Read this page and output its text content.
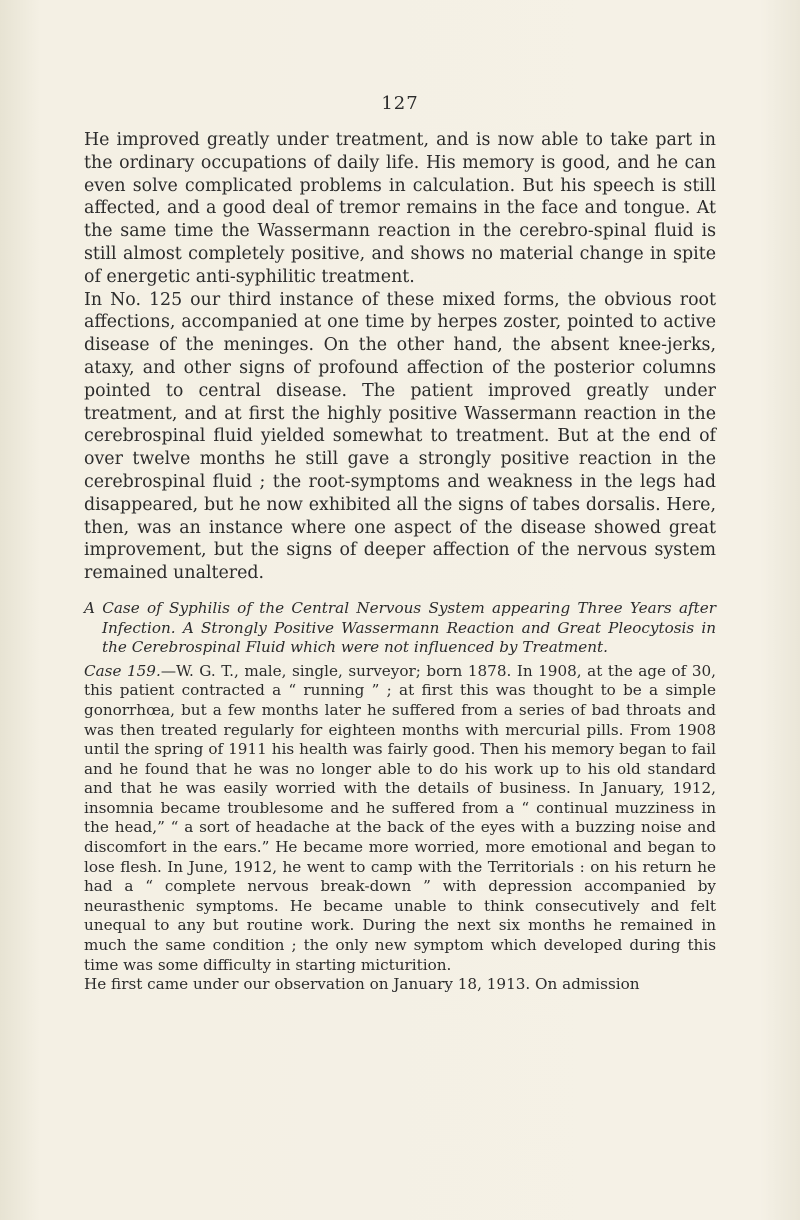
127

He improved greatly under treatment, and is now able to take part in the ordinary occupations of daily life. His memory is good, and he can even solve complicated problems in calculation. But his speech is still affected, and a good deal of tremor remains in the face and tongue. At the same time the Wassermann reaction in the cerebro-spinal fluid is still almost completely positive, and shows no material change in spite of energetic anti-syphilitic treatment.

In No. 125 our third instance of these mixed forms, the obvious root affections, accompanied at one time by herpes zoster, pointed to active disease of the meninges. On the other hand, the absent knee-jerks, ataxy, and other signs of profound affection of the posterior columns pointed to central disease. The patient improved greatly under treatment, and at first the highly positive Wassermann reaction in the cerebrospinal fluid yielded somewhat to treatment. But at the end of over twelve months he still gave a strongly positive reaction in the cerebrospinal fluid ; the root-symptoms and weakness in the legs had disappeared, but he now exhibited all the signs of tabes dorsalis. Here, then, was an instance where one aspect of the disease showed great improvement, but the signs of deeper affection of the nervous system remained unaltered.

A Case of Syphilis of the Central Nervous System appearing Three Years after Infection. A Strongly Positive Wassermann Reaction and Great Pleocytosis in the Cerebrospinal Fluid which were not influenced by Treatment.

Case 159.—W. G. T., male, single, surveyor; born 1878. In 1908, at the age of 30, this patient contracted a “ running ” ; at first this was thought to be a simple gonorrhœa, but a few months later he suffered from a series of bad throats and was then treated regularly for eighteen months with mercurial pills. From 1908 until the spring of 1911 his health was fairly good. Then his memory began to fail and he found that he was no longer able to do his work up to his old standard and that he was easily worried with the details of business. In January, 1912, insomnia became troublesome and he suffered from a “ continual muzziness in the head,” “ a sort of headache at the back of the eyes with a buzzing noise and discomfort in the ears.” He became more worried, more emotional and began to lose flesh. In June, 1912, he went to camp with the Territorials : on his return he had a “ complete nervous break-down ” with depression accompanied by neurasthenic symptoms. He became unable to think consecutively and felt unequal to any but routine work. During the next six months he remained in much the same condition ; the only new symptom which developed during this time was some difficulty in starting micturition.

He first came under our observation on January 18, 1913. On admission
